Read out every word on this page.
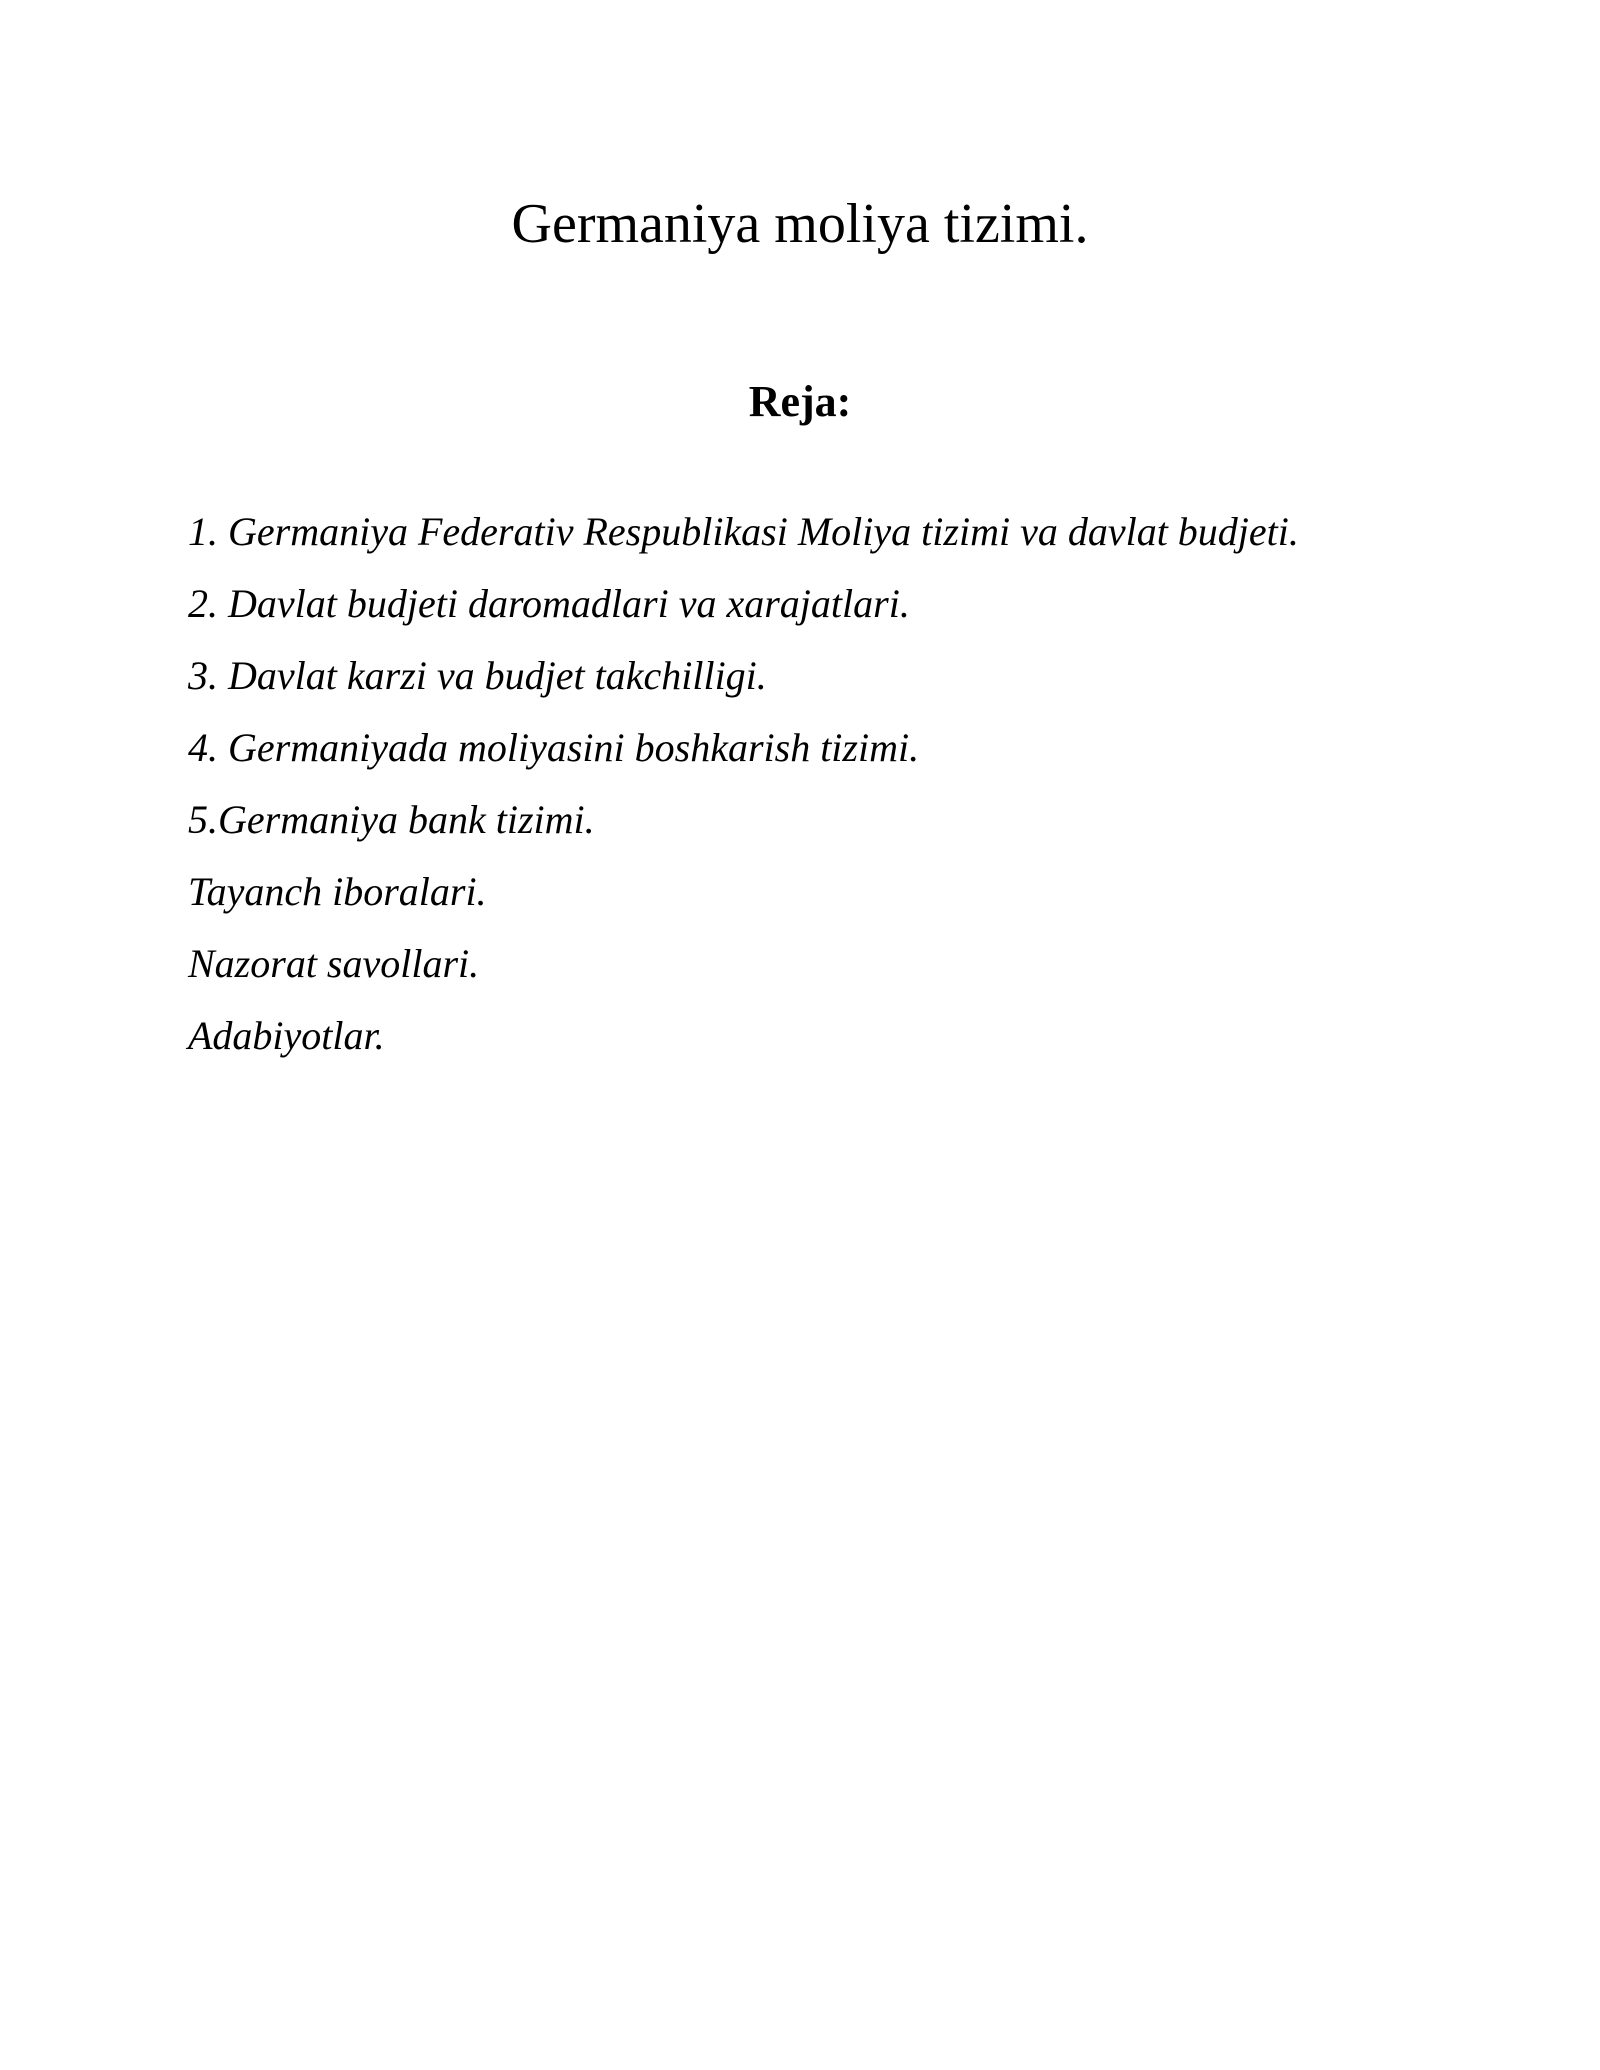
Germaniya moliya tizimi.
Reja:
1. Germaniya Federativ Respublikasi Moliya tizimi va davlat budjeti.
2. Davlat budjeti daromadlari va xarajatlari.
3. Davlat karzi va budjet takchilligi.
4. Germaniyada moliyasini boshkarish tizimi.
5.Germaniya bank tizimi.
Tayanch iboralari.
Nazorat savollari.
Adabiyotlar.
